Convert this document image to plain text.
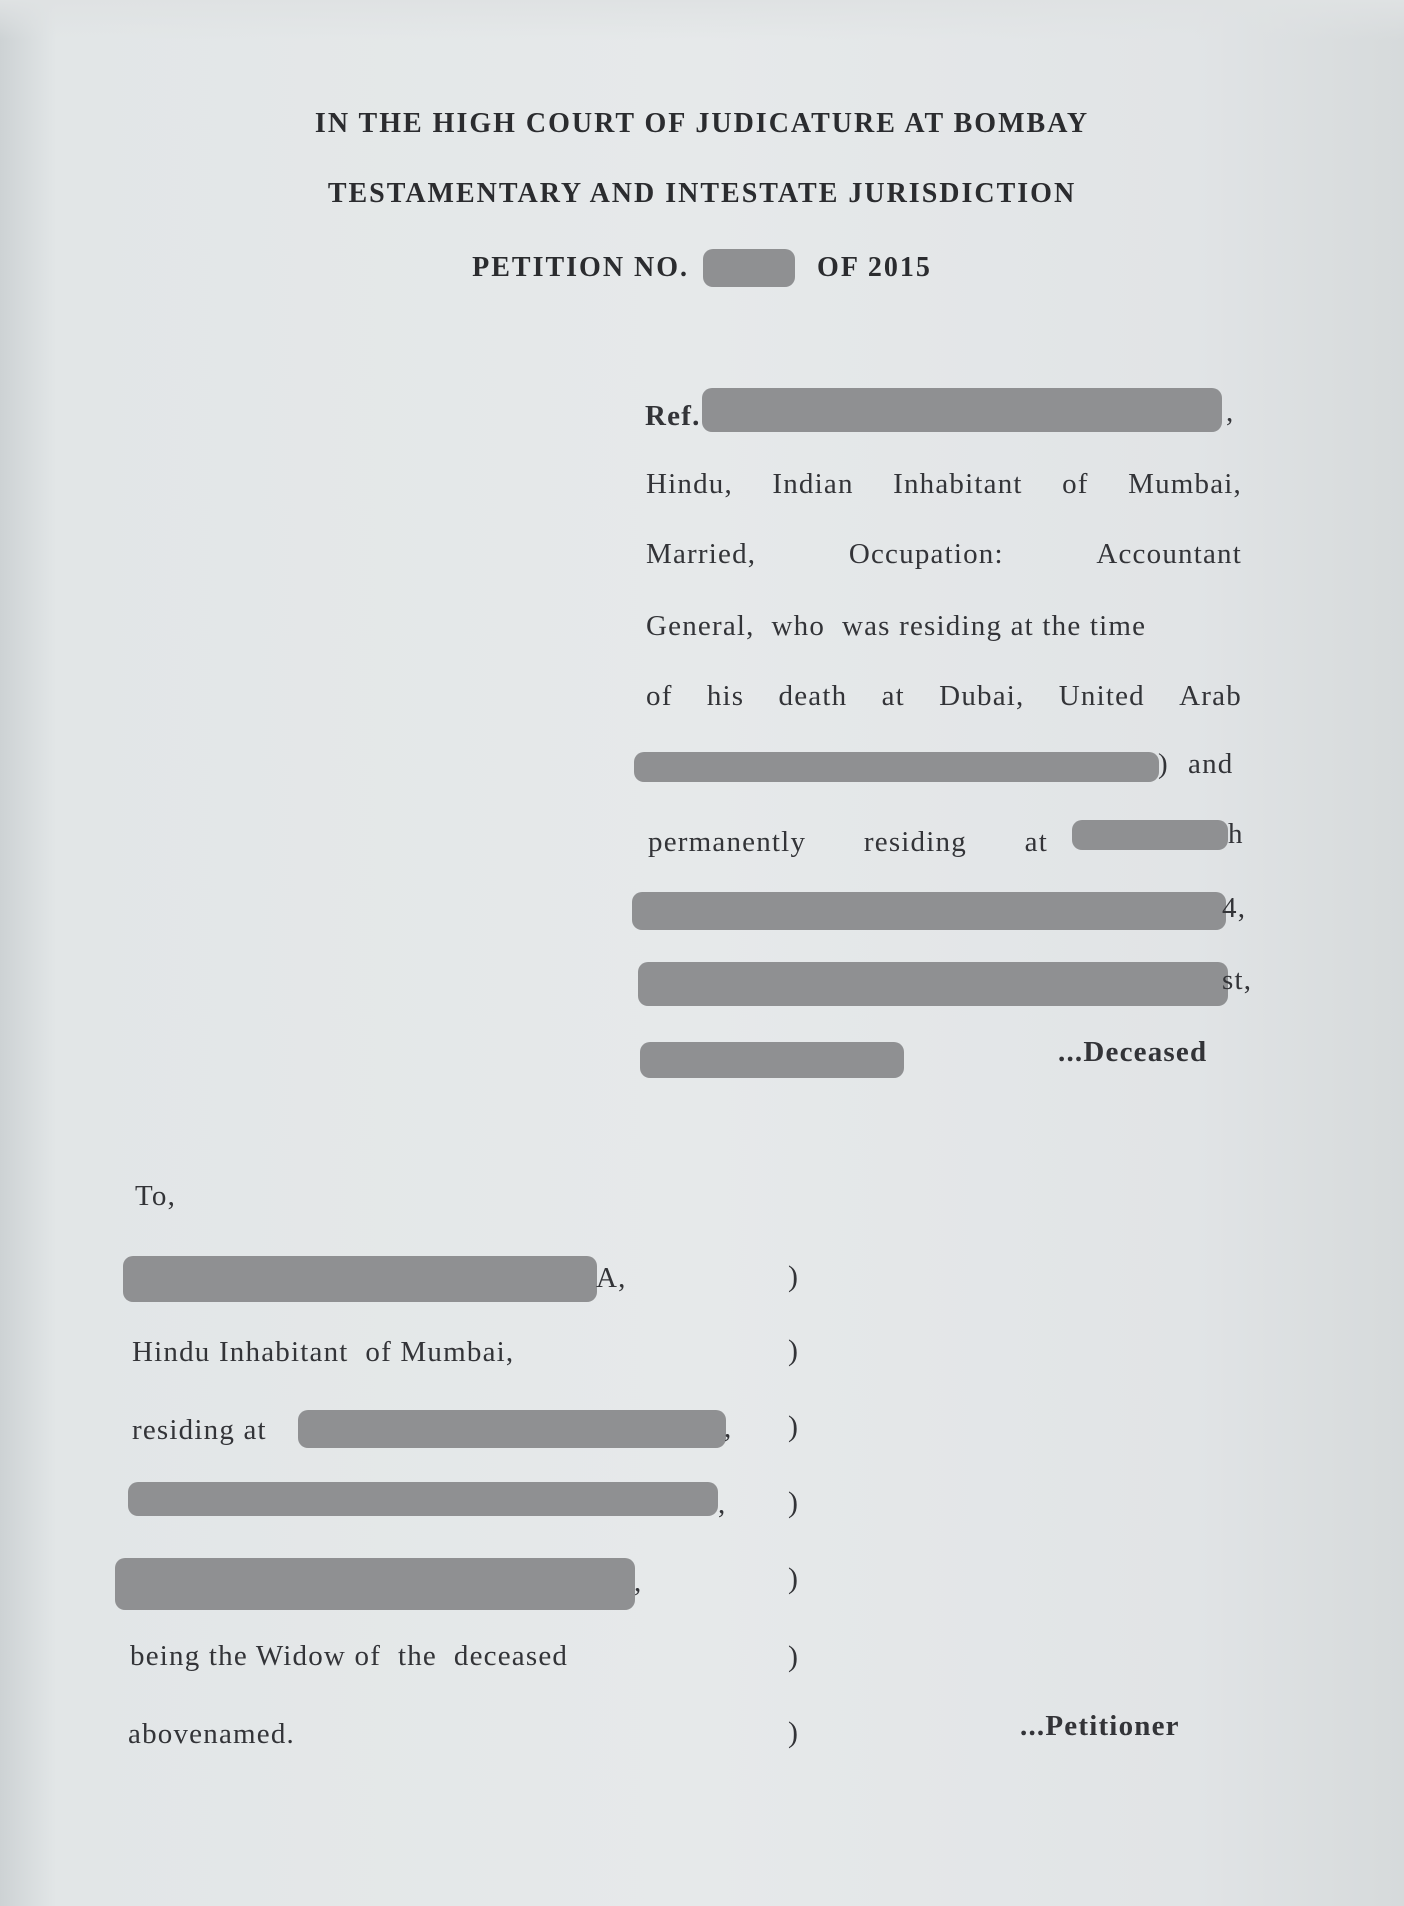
IN THE HIGH COURT OF JUDICATURE AT BOMBAY
TESTAMENTARY AND INTESTATE JURISDICTION
PETITION NO.	OF 2015
Ref.	,
Hindu, Indian Inhabitant of Mumbai,
Married,	Occupation:	Accountant
General,  who  was residing at the time
of his death at Dubai, United Arab
) and
permanently residing at	h
4,
st,
...Deceased
To,
A,	)
Hindu Inhabitant  of Mumbai,	)
residing at	, )
, )
,	)
being the Widow of  the  deceased	)
abovenamed.	)	...Petitioner
